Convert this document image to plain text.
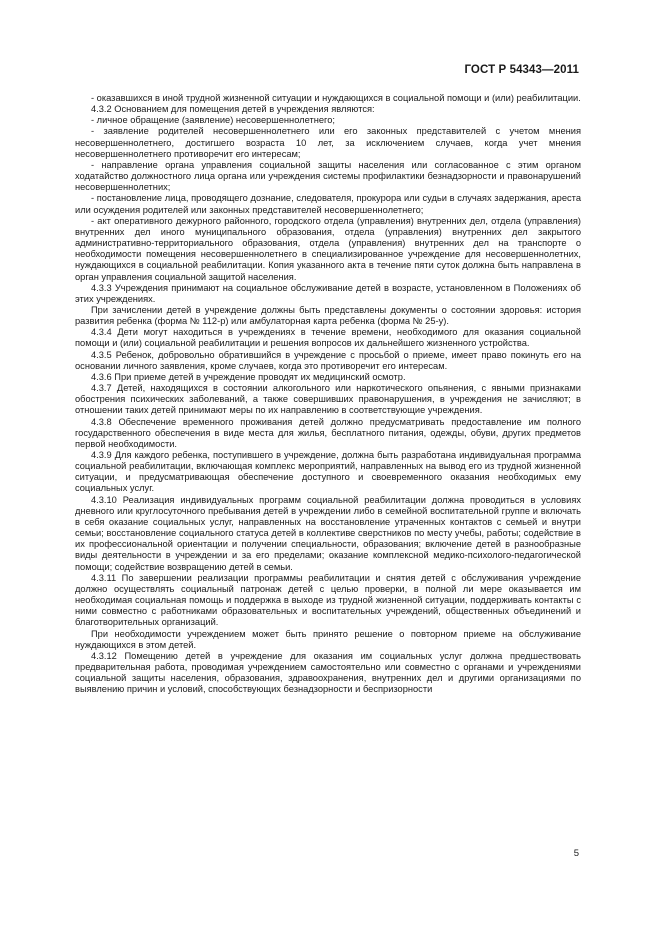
ГОСТ Р 54343—2011

- оказавшихся в иной трудной жизненной ситуации и нуждающихся в социальной помощи и (или) реабилитации.

4.3.2 Основанием для помещения детей в учреждения являются:

- личное обращение (заявление) несовершеннолетнего;

- заявление родителей несовершеннолетнего или его законных представителей с учетом мнения несовершеннолетнего, достигшего возраста 10 лет, за исключением случаев, когда учет мнения несовершеннолетнего противоречит его интересам;

- направление органа управления социальной защиты населения или согласованное с этим органом ходатайство должностного лица органа или учреждения системы профилактики безнадзорности и правонарушений несовершеннолетних;

- постановление лица, проводящего дознание, следователя, прокурора или судьи в случаях задержания, ареста или осуждения родителей или законных представителей несовершеннолетнего;

- акт оперативного дежурного районного, городского отдела (управления) внутренних дел, отдела (управления) внутренних дел иного муниципального образования, отдела (управления) внутренних дел закрытого административно-территориального образования, отдела (управления) внутренних дел на транспорте о необходимости помещения несовершеннолетнего в специализированное учреждение для несовершеннолетних, нуждающихся в социальной реабилитации. Копия указанного акта в течение пяти суток должна быть направлена в орган управления социальной защитой населения.

4.3.3 Учреждения принимают на социальное обслуживание детей в возрасте, установленном в Положениях об этих учреждениях.

При зачислении детей в учреждение должны быть представлены документы о состоянии здоровья: история развития ребенка (форма № 112-р) или амбулаторная карта ребенка (форма № 25-у).

4.3.4 Дети могут находиться в учреждениях в течение времени, необходимого для оказания социальной помощи и (или) социальной реабилитации и решения вопросов их дальнейшего жизненного устройства.

4.3.5 Ребенок, добровольно обратившийся в учреждение с просьбой о приеме, имеет право покинуть его на основании личного заявления, кроме случаев, когда это противоречит его интересам.

4.3.6 При приеме детей в учреждение проводят их медицинский осмотр.

4.3.7 Детей, находящихся в состоянии алкогольного или наркотического опьянения, с явными признаками обострения психических заболеваний, а также совершивших правонарушения, в учреждения не зачисляют; в отношении таких детей принимают меры по их направлению в соответствующие учреждения.

4.3.8 Обеспечение временного проживания детей должно предусматривать предоставление им полного государственного обеспечения в виде места для жилья, бесплатного питания, одежды, обуви, других предметов первой необходимости.

4.3.9 Для каждого ребенка, поступившего в учреждение, должна быть разработана индивидуальная программа социальной реабилитации, включающая комплекс мероприятий, направленных на вывод его из трудной жизненной ситуации, и предусматривающая обеспечение доступного и своевременного оказания необходимых ему социальных услуг.

4.3.10 Реализация индивидуальных программ социальной реабилитации должна проводиться в условиях дневного или круглосуточного пребывания детей в учреждении либо в семейной воспитательной группе и включать в себя оказание социальных услуг, направленных на восстановление утраченных контактов с семьей и внутри семьи; восстановление социального статуса детей в коллективе сверстников по месту учебы, работы; содействие в их профессиональной ориентации и получении специальности, образования; включение детей в разнообразные виды деятельности в учреждении и за его пределами; оказание комплексной медико-психолого-педагогической помощи; содействие возвращению детей в семьи.

4.3.11 По завершении реализации программы реабилитации и снятия детей с обслуживания учреждение должно осуществлять социальный патронаж детей с целью проверки, в полной ли мере оказывается им необходимая социальная помощь и поддержка в выходе из трудной жизненной ситуации, поддерживать контакты с ними совместно с работниками образовательных и воспитательных учреждений, общественных объединений и благотворительных организаций.

При необходимости учреждением может быть принято решение о повторном приеме на обслуживание нуждающихся в этом детей.

4.3.12 Помещению детей в учреждение для оказания им социальных услуг должна предшествовать предварительная работа, проводимая учреждением самостоятельно или совместно с органами и учреждениями социальной защиты населения, образования, здравоохранения, внутренних дел и другими организациями по выявлению причин и условий, способствующих безнадзорности и беспризорности

5
